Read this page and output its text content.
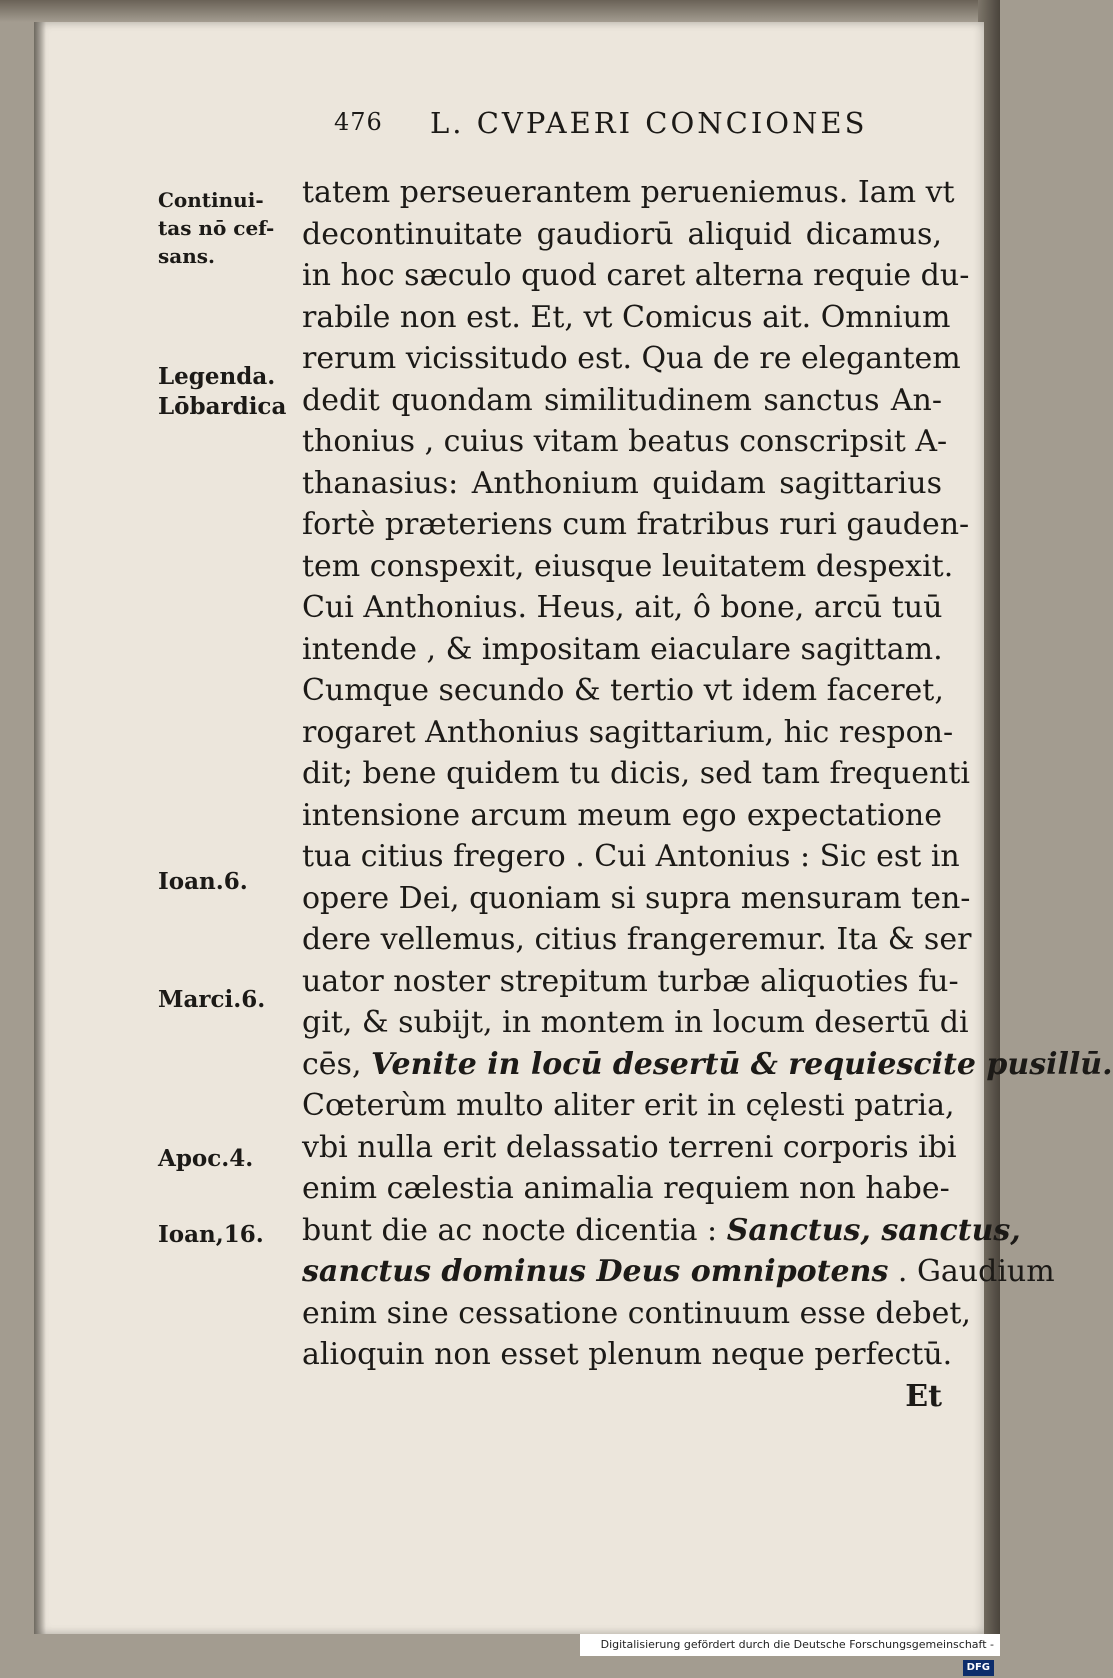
476 L. CVPAERI CONCIONES
Continui-
tas nō cef-
sans.
Legenda.
Lōbardica
Ioan.6.
Marci.6.
Apoc.4.
Ioan,16.
tatem perseuerantem perueniemus. Iam vt
decontinuitate gaudiorū aliquid dicamus,
in hoc sæculo quod caret alterna requie du-
rabile non est. Et, vt Comicus ait. Omnium
rerum vicissitudo est. Qua de re elegantem
dedit quondam similitudinem sanctus An-
thonius , cuius vitam beatus conscripsit A-
thanasius: Anthonium quidam sagittarius
fortè præteriens cum fratribus ruri gauden-
tem conspexit, eiusque leuitatem despexit.
Cui Anthonius. Heus, ait, ô bone, arcū tuū
intende , & impositam eiaculare sagittam.
Cumque secundo & tertio vt idem faceret,
rogaret Anthonius sagittarium, hic respon-
dit; bene quidem tu dicis, sed tam frequenti
intensione arcum meum ego expectatione
tua citius fregero . Cui Antonius : Sic est in
opere Dei, quoniam si supra mensuram ten-
dere vellemus, citius frangeremur. Ita & ser
uator noster strepitum turbæ aliquoties fu-
git, & subijt, in montem in locum desertū di
cēs, Venite in locū desertū & requiescite pusillū.
Cœterùm multo aliter erit in cęlesti patria,
vbi nulla erit delassatio terreni corporis ibi
enim cælestia animalia requiem non habe-
bunt die ac nocte dicentia : Sanctus, sanctus,
sanctus dominus Deus omnipotens . Gaudium
enim sine cessatione continuum esse debet,
alioquin non esset plenum neque perfectū.
Et
Digitalisierung gefördert durch die Deutsche Forschungsgemeinschaft - DFG
